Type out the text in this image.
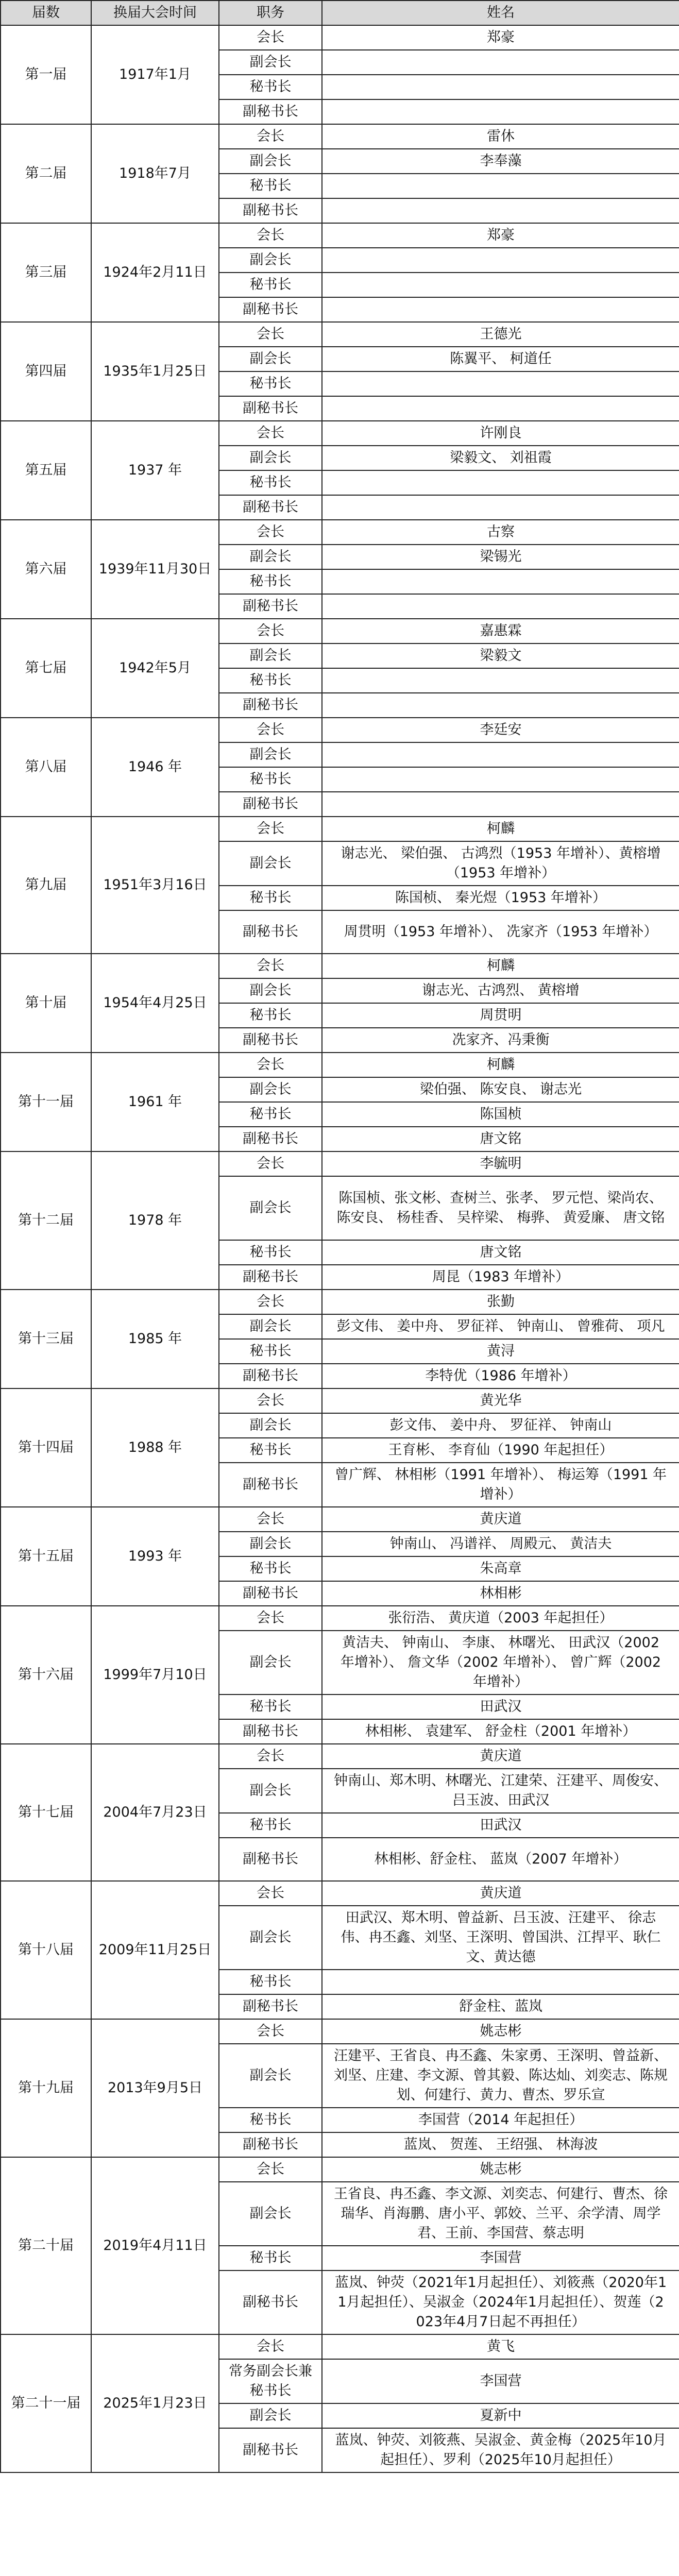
届数	换届大会时间	职务	姓名
第一届	1917年1月	会长	郑豪
		副会长	
		秘书长	
		副秘书长	
第二届	1918年7月	会长	雷休
		副会长	李奉藻
		秘书长	
		副秘书长	
第三届	1924年2月11日	会长	郑豪
		副会长	
		秘书长	
		副秘书长	
第四届	1935年1月25日	会长	王德光
		副会长	陈翼平、 柯道任
		秘书长	
		副秘书长	
第五届	1937 年	会长	许刚良
		副会长	梁毅文、 刘祖霞
		秘书长	
		副秘书长	
第六届	1939年11月30日	会长	古察
		副会长	梁锡光
		秘书长	
		副秘书长	
第七届	1942年5月	会长	嘉惠霖
		副会长	梁毅文
		秘书长	
		副秘书长	
第八届	1946 年	会长	李廷安
		副会长	
		秘书长	
		副秘书长	
第九届	1951年3月16日	会长	柯麟
		副会长	谢志光、 梁伯强、 古鸿烈（1953 年增补）、黄榕增（1953 年增补）
		秘书长	陈国桢、 秦光煜（1953 年增补）
		副秘书长	周贯明（1953 年增补）、 冼家齐（1953 年增补）
第十届	1954年4月25日	会长	柯麟
		副会长	谢志光、古鸿烈、 黄榕增
		秘书长	周贯明
		副秘书长	冼家齐、冯秉衡
第十一届	1961 年	会长	柯麟
		副会长	梁伯强、 陈安良、 谢志光
		秘书长	陈国桢
		副秘书长	唐文铭
第十二届	1978 年	会长	李毓明
		副会长	陈国桢、张文彬、查树兰、张孝、 罗元恺、梁尚农、 陈安良、 杨桂香、 吴梓梁、 梅骅、 黄爱廉、 唐文铭
		秘书长	唐文铭
		副秘书长	周昆（1983 年增补）
第十三届	1985 年	会长	张勤
		副会长	彭文伟、 姜中舟、 罗征祥、 钟南山、 曾雅荷、 项凡
		秘书长	黄浔
		副秘书长	李特优（1986 年增补）
第十四届	1988 年	会长	黄光华
		副会长	彭文伟、 姜中舟、 罗征祥、 钟南山
		秘书长	王育彬、 李育仙（1990 年起担任）
		副秘书长	曾广辉、 林相彬（1991 年增补）、 梅运筹（1991 年增补）
第十五届	1993 年	会长	黄庆道
		副会长	钟南山、 冯谱祥、 周殿元、 黄洁夫
		秘书长	朱高章
		副秘书长	林相彬
第十六届	1999年7月10日	会长	张衍浩、 黄庆道（2003 年起担任）
		副会长	黄洁夫、 钟南山、 李康、 林曙光、 田武汉（2002 年增补）、 詹文华（2002 年增补）、 曾广辉（2002 年增补）
		秘书长	田武汉
		副秘书长	林相彬、 袁建军、 舒金柱（2001 年增补）
第十七届	2004年7月23日	会长	黄庆道
		副会长	钟南山、郑木明、林曙光、江建荣、汪建平、周俊安、吕玉波、田武汉
		秘书长	田武汉
		副秘书长	林相彬、舒金柱、 蓝岚（2007 年增补）
第十八届	2009年11月25日	会长	黄庆道
		副会长	田武汉、郑木明、曾益新、吕玉波、汪建平、 徐志伟、冉丕鑫、刘坚、王深明、曾国洪、江捍平、耿仁文、黄达德
		秘书长	
		副秘书长	舒金柱、蓝岚
第十九届	2013年9月5日	会长	姚志彬
		副会长	汪建平、王省良、冉丕鑫、朱家勇、王深明、曾益新、刘坚、庄建、李文源、曾其毅、陈达灿、刘奕志、陈规划、何建行、黄力、曹杰、罗乐宣
		秘书长	李国营（2014 年起担任）
		副秘书长	蓝岚、 贺莲、 王绍强、 林海波
第二十届	2019年4月11日	会长	姚志彬
		副会长	王省良、冉丕鑫、李文源、刘奕志、何建行、曹杰、徐瑞华、肖海鹏、唐小平、郭姣、兰平、余学清、周学君、王前、李国营、蔡志明
		秘书长	李国营
		副秘书长	蓝岚、钟荧（2021年1月起担任）、刘筱燕（2020年11月起担任）、吴淑金（2024年1月起担任）、贺莲（2023年4月7日起不再担任）
第二十一届	2025年1月23日	会长	黄飞
		常务副会长兼秘书长	李国营
		副会长	夏新中
		副秘书长	蓝岚、钟荧、刘筱燕、吴淑金、黄金梅（2025年10月起担任）、罗利（2025年10月起担任）
